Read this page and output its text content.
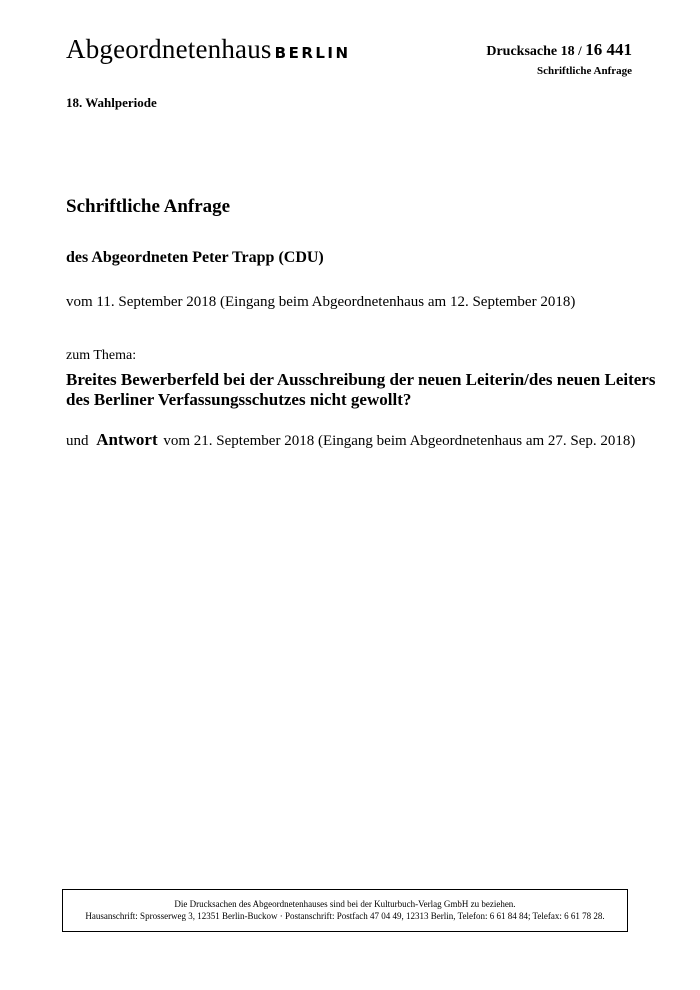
Abgeordnetenhaus BERLIN	Drucksache 18 / 16 441
Schriftliche Anfrage
18. Wahlperiode
Schriftliche Anfrage
des Abgeordneten Peter Trapp (CDU)
vom 11. September 2018 (Eingang beim Abgeordnetenhaus am 12. September 2018)
zum Thema:
Breites Bewerberfeld bei der Ausschreibung der neuen Leiterin/des neuen Leiters des Berliner Verfassungsschutzes nicht gewollt?
und Antwort vom 21. September 2018 (Eingang beim Abgeordnetenhaus am 27. Sep. 2018)
Die Drucksachen des Abgeordnetenhauses sind bei der Kulturbuch-Verlag GmbH zu beziehen.
Hausanschrift: Sprosserweg 3, 12351 Berlin-Buckow · Postanschrift: Postfach 47 04 49, 12313 Berlin, Telefon: 6 61 84 84; Telefax: 6 61 78 28.
